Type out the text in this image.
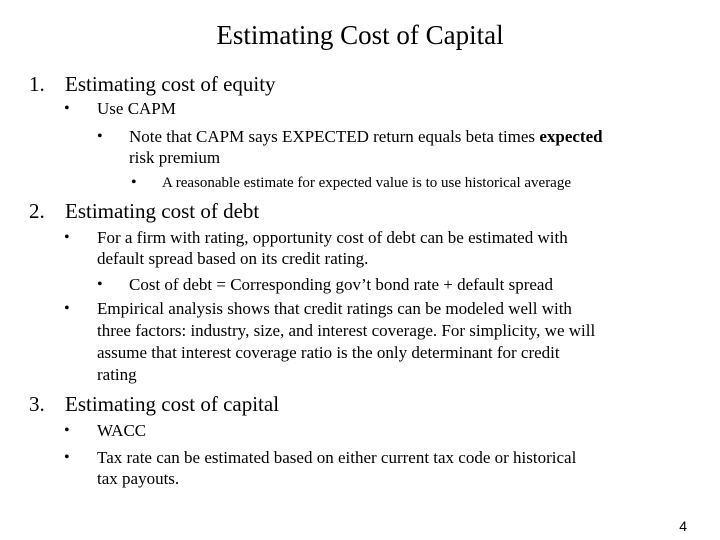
Estimating Cost of Capital
1. Estimating cost of equity
• Use CAPM
• Note that CAPM says EXPECTED return equals beta times expected
risk premium
• A reasonable estimate for expected value is to use historical average
2. Estimating cost of debt
• For a firm with rating, opportunity cost of debt can be estimated with
default spread based on its credit rating.
• Cost of debt = Corresponding gov’t bond rate + default spread
• Empirical analysis shows that credit ratings can be modeled well with
three factors: industry, size, and interest coverage. For simplicity, we will
assume that interest coverage ratio is the only determinant for credit
rating
3. Estimating cost of capital
• WACC
• Tax rate can be estimated based on either current tax code or historical
tax payouts.
4
